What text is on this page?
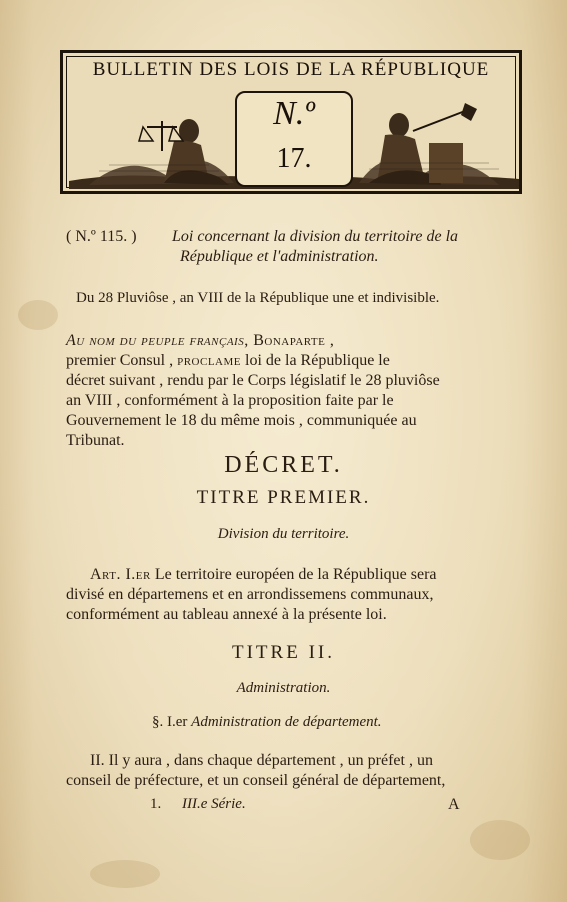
BULLETIN DES LOIS DE LA RÉPUBLIQUE
N.º
17.
( N.º 115. ) Loi concernant la division du territoire de la
République et l'administration.
Du 28 Pluviôse , an VIII de la République une et indivisible.
Au nom du peuple français, Bonaparte ,
premier Consul , proclame loi de la République le
décret suivant , rendu par le Corps législatif le 28 pluviôse
an VIII , conformément à la proposition faite par le
Gouvernement le 18 du même mois , communiquée au
Tribunat.
DÉCRET.
TITRE PREMIER.
Division du territoire.
Art. I.er Le territoire européen de la République sera
divisé en départemens et en arrondissemens communaux,
conformément au tableau annexé à la présente loi.
TITRE II.
Administration.
§. I.er Administration de département.
II. Il y aura , dans chaque département , un préfet , un
conseil de préfecture, et un conseil général de département,
1. III.e Série.	A
